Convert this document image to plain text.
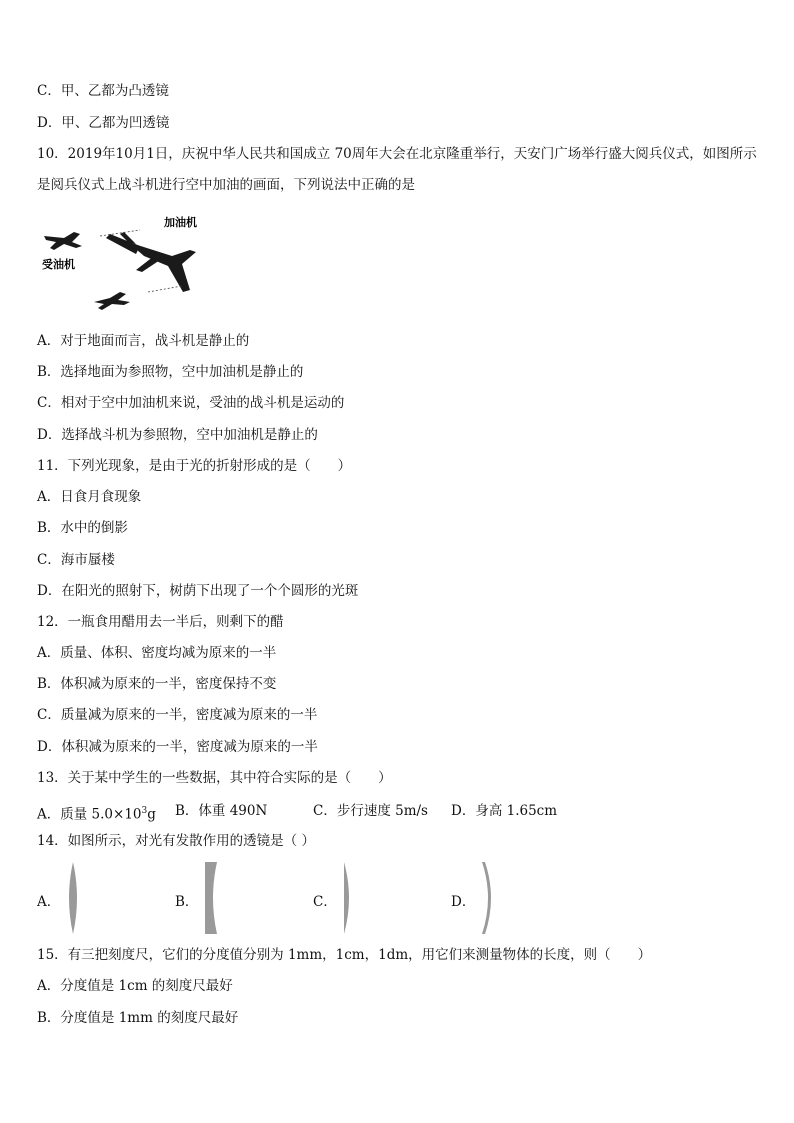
C．甲、乙都为凸透镜
D．甲、乙都为凹透镜
10．2019年10月1日，庆祝中华人民共和国成立 70周年大会在北京隆重举行，天安门广场举行盛大阅兵仪式，如图所示是阅兵仪式上战斗机进行空中加油的画面，下列说法中正确的是
加油机
受油机
A．对于地面而言，战斗机是静止的
B．选择地面为参照物，空中加油机是静止的
C．相对于空中加油机来说，受油的战斗机是运动的
D．选择战斗机为参照物，空中加油机是静止的
11．下列光现象，是由于光的折射形成的是（　　）
A．日食月食现象
B．水中的倒影
C．海市蜃楼
D．在阳光的照射下，树荫下出现了一个个圆形的光斑
12．一瓶食用醋用去一半后，则剩下的醋
A．质量、体积、密度均减为原来的一半
B．体积减为原来的一半，密度保持不变
C．质量减为原来的一半，密度减为原来的一半
D．体积减为原来的一半，密度减为原来的一半
13．关于某中学生的一些数据，其中符合实际的是（　　）
A．质量 $5.0\times 10^3g$ B．体重 490N	C．步行速度 5m/s D．身高 1.65cm
14．如图所示，对光有发散作用的透镜是（ ）
A．	B．	C．	D．
15．有三把刻度尺，它们的分度值分别为 1mm，1cm，1dm，用它们来测量物体的长度，则（　　）
A．分度值是 1cm 的刻度尺最好
B．分度值是 1mm 的刻度尺最好
